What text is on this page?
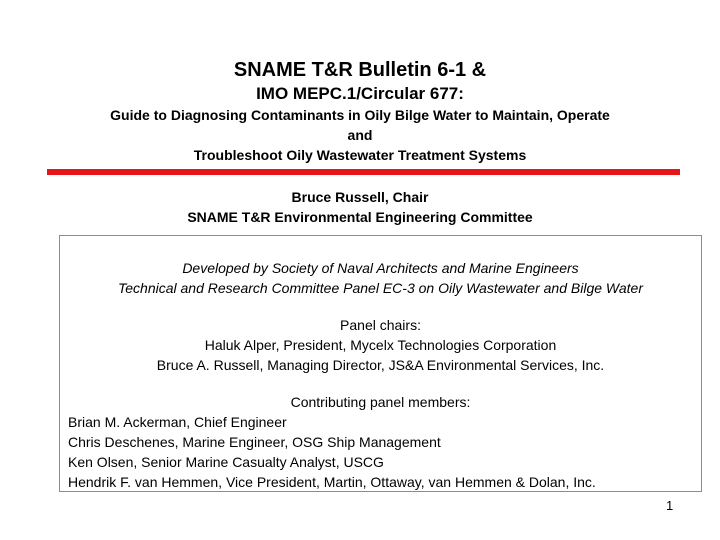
SNAME T&R Bulletin 6-1 &
IMO MEPC.1/Circular 677:
Guide to Diagnosing Contaminants in Oily Bilge Water to Maintain, Operate
and
Troubleshoot Oily Wastewater Treatment Systems
Bruce Russell, Chair
SNAME T&R Environmental Engineering Committee
Developed by Society of Naval Architects and Marine Engineers
Technical and Research Committee Panel EC-3 on Oily Wastewater and Bilge Water
Panel chairs:
Haluk Alper, President, Mycelx Technologies Corporation
Bruce A. Russell, Managing Director, JS&A Environmental Services, Inc.
Contributing panel members:
Brian M. Ackerman, Chief Engineer
Chris Deschenes, Marine Engineer, OSG Ship Management
Ken Olsen, Senior Marine Casualty Analyst, USCG
Hendrik F. van Hemmen, Vice President, Martin, Ottaway, van Hemmen & Dolan, Inc.
1
